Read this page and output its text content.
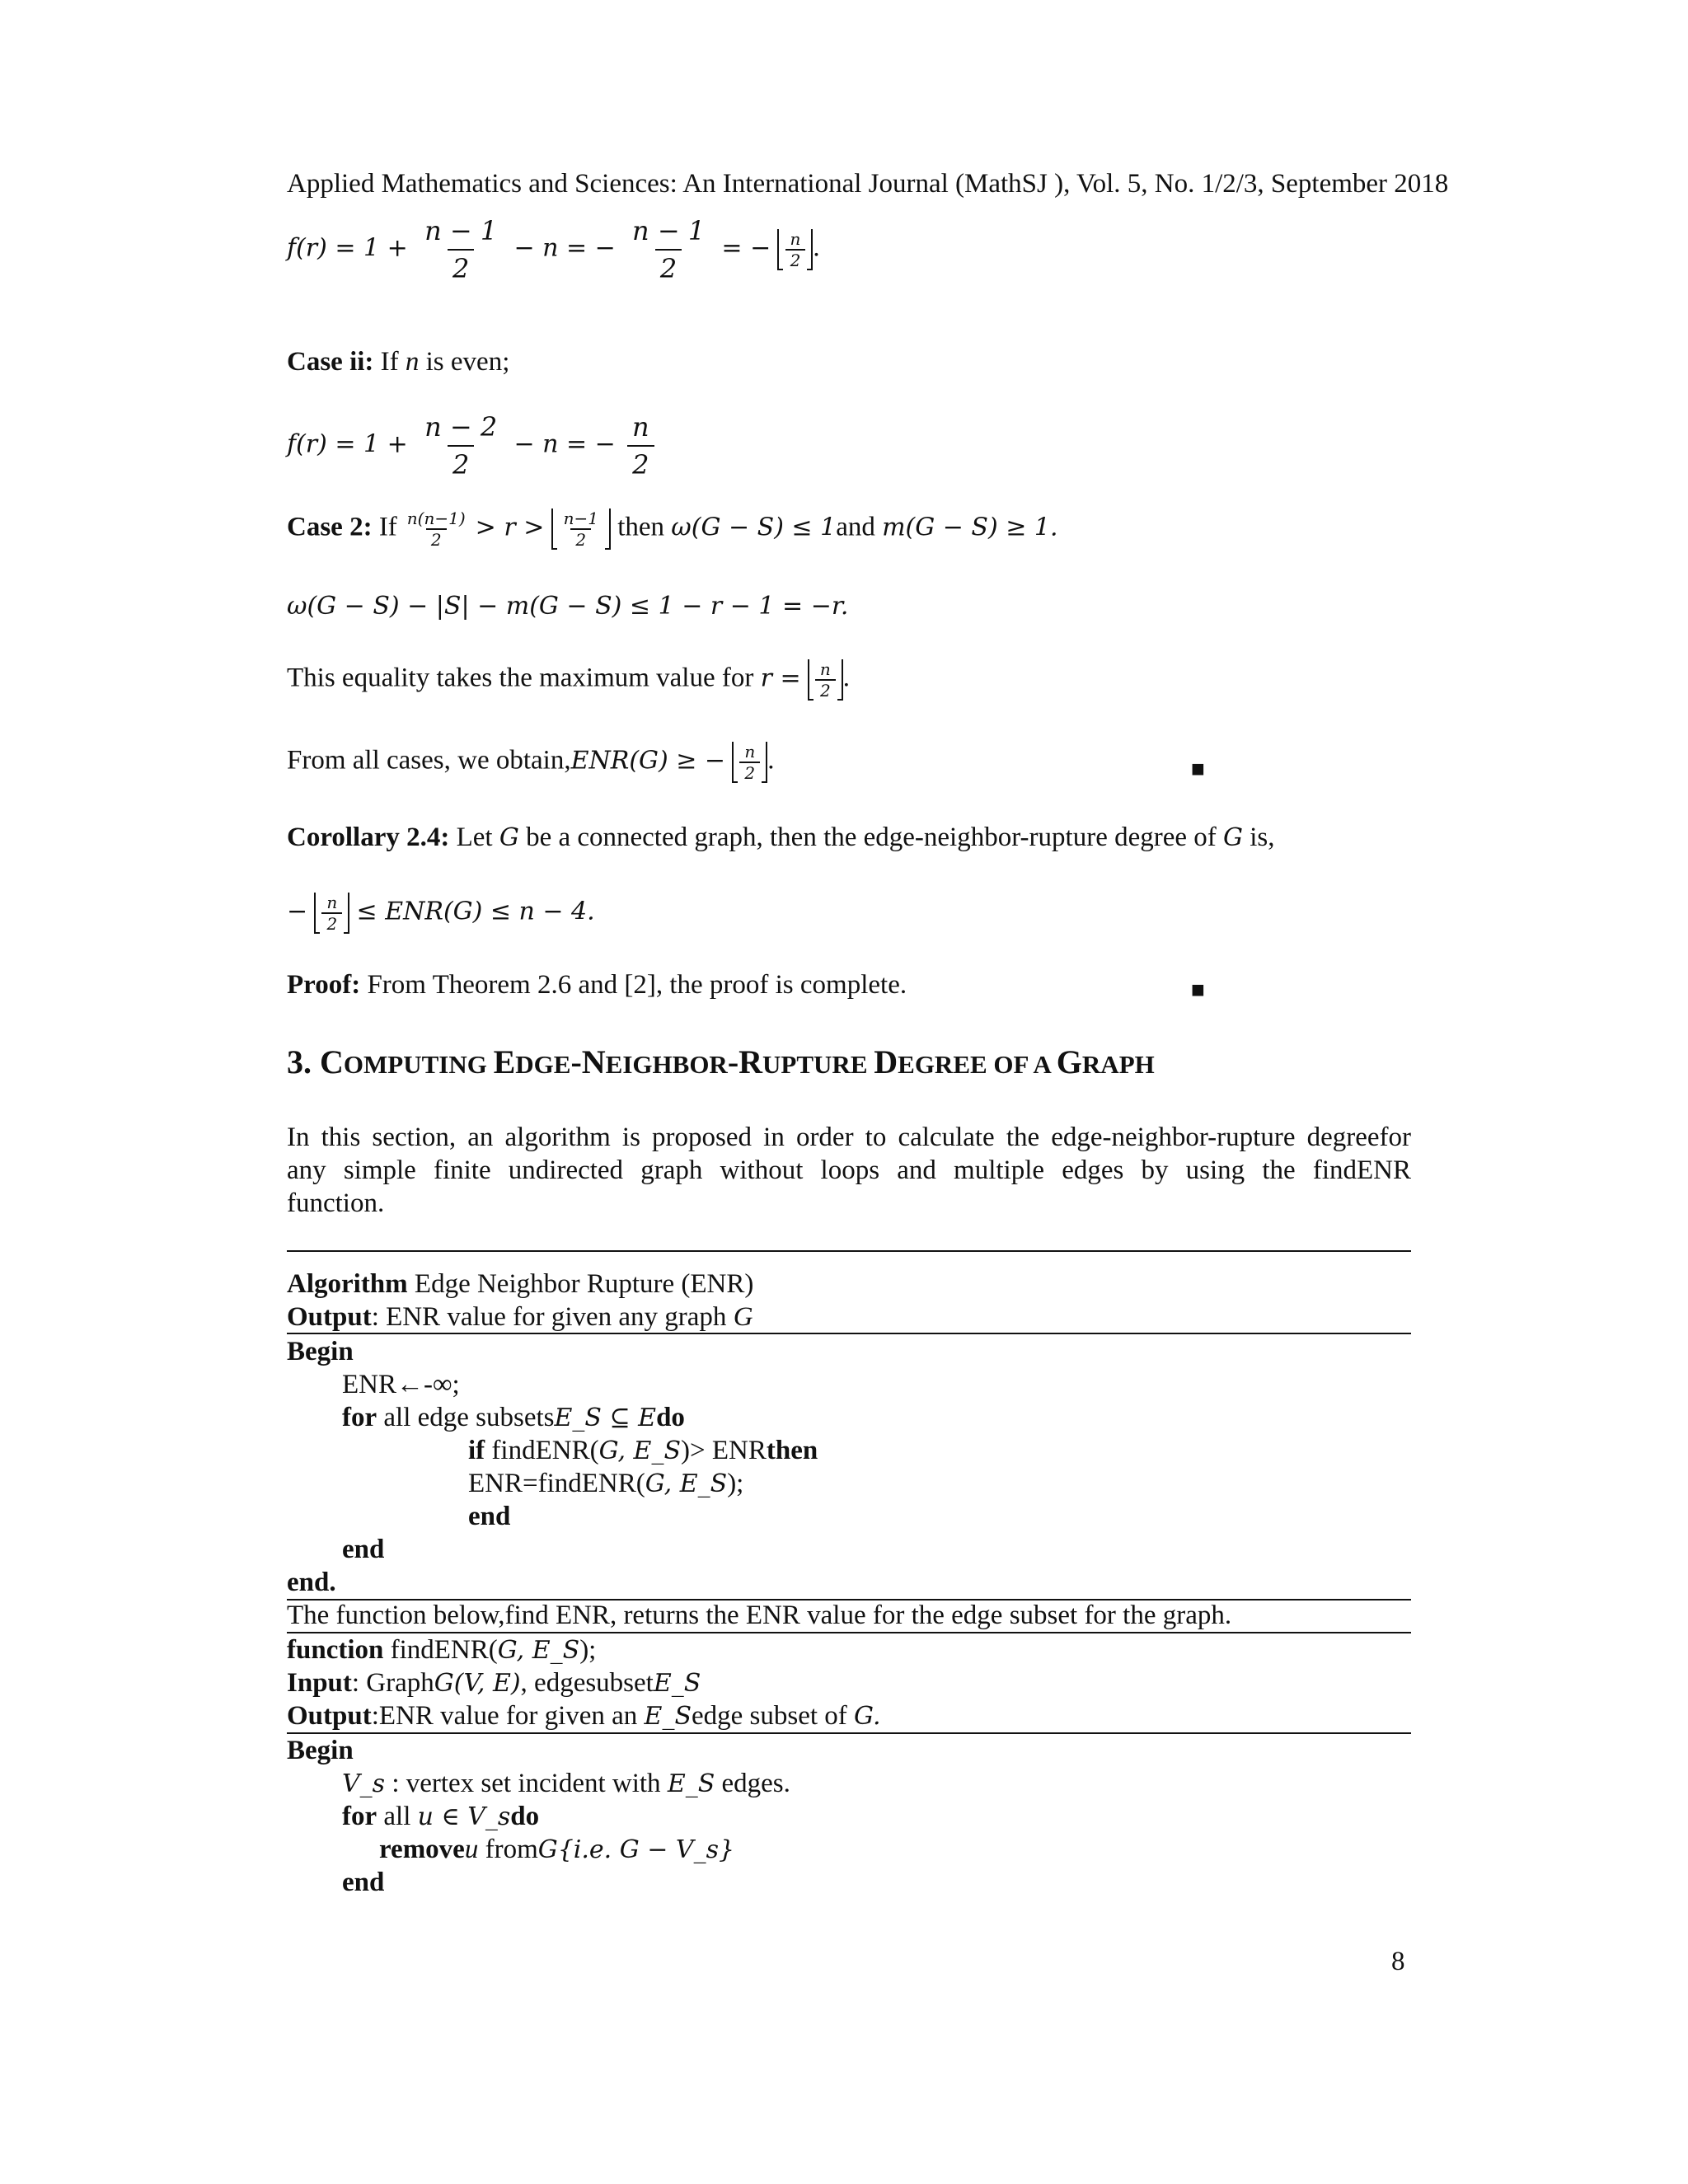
Applied Mathematics and Sciences: An International Journal (MathSJ ), Vol. 5, No. 1/2/3, September 2018
$f(r) = 1 + \frac{n - 1}{2} - n$ = − $\frac{n - 1}{2}$ = − $\frac{n}{2}$ .
Case ii: If n is even;
$f(r) = 1 + \frac{n - 2}{2} - n$ = − $\frac{n}{2}$
Case 2: If $\frac{n(n-1)}{2} > r > \frac{n-1}{2}$ then ω(G − S) ≤ 1and m(G − S) ≥ 1.
ω(G − S) − |S| − m(G − S) ≤ 1 − r − 1 = −r.
This equality takes the maximum value for $r = \frac{n}{2}$ .
From all cases, we obtain,ENR(G) ≥ − $\frac{n}{2}$ .	■
Corollary 2.4: Let G be a connected graph, then the edge-neighbor-rupture degree of G is,
− $\frac{n}{2} \le ENR(G) \le n - 4$.
Proof: From Theorem 2.6 and [2], the proof is complete.	■
3. COMPUTING EDGE-NEIGHBOR-RUPTURE DEGREE OF A GRAPH
In this section, an algorithm is proposed in order to calculate the edge-neighbor-rupture degreefor
any simple finite undirected graph without loops and multiple edges by using the findENR
function.
Algorithm Edge Neighbor Rupture (ENR)
Output: ENR value for given any graph G
Begin
ENR←-∞;
for all edge subsetsE_S ⊆ Edo
if findENR(G, E_S)> ENRthen
ENR=findENR(G, E_S);
end
end
end.
The function below,find ENR, returns the ENR value for the edge subset for the graph.
function findENR(G, E_S);
Input: GraphG(V, E), edgesubsetE_S
Output:ENR value for given an E_Sedge subset of G.
Begin
V_s : vertex set incident with E_S edges.
for all u ∈ V_sdo
removeu fromG{i.e. G − V_s}
end
8
